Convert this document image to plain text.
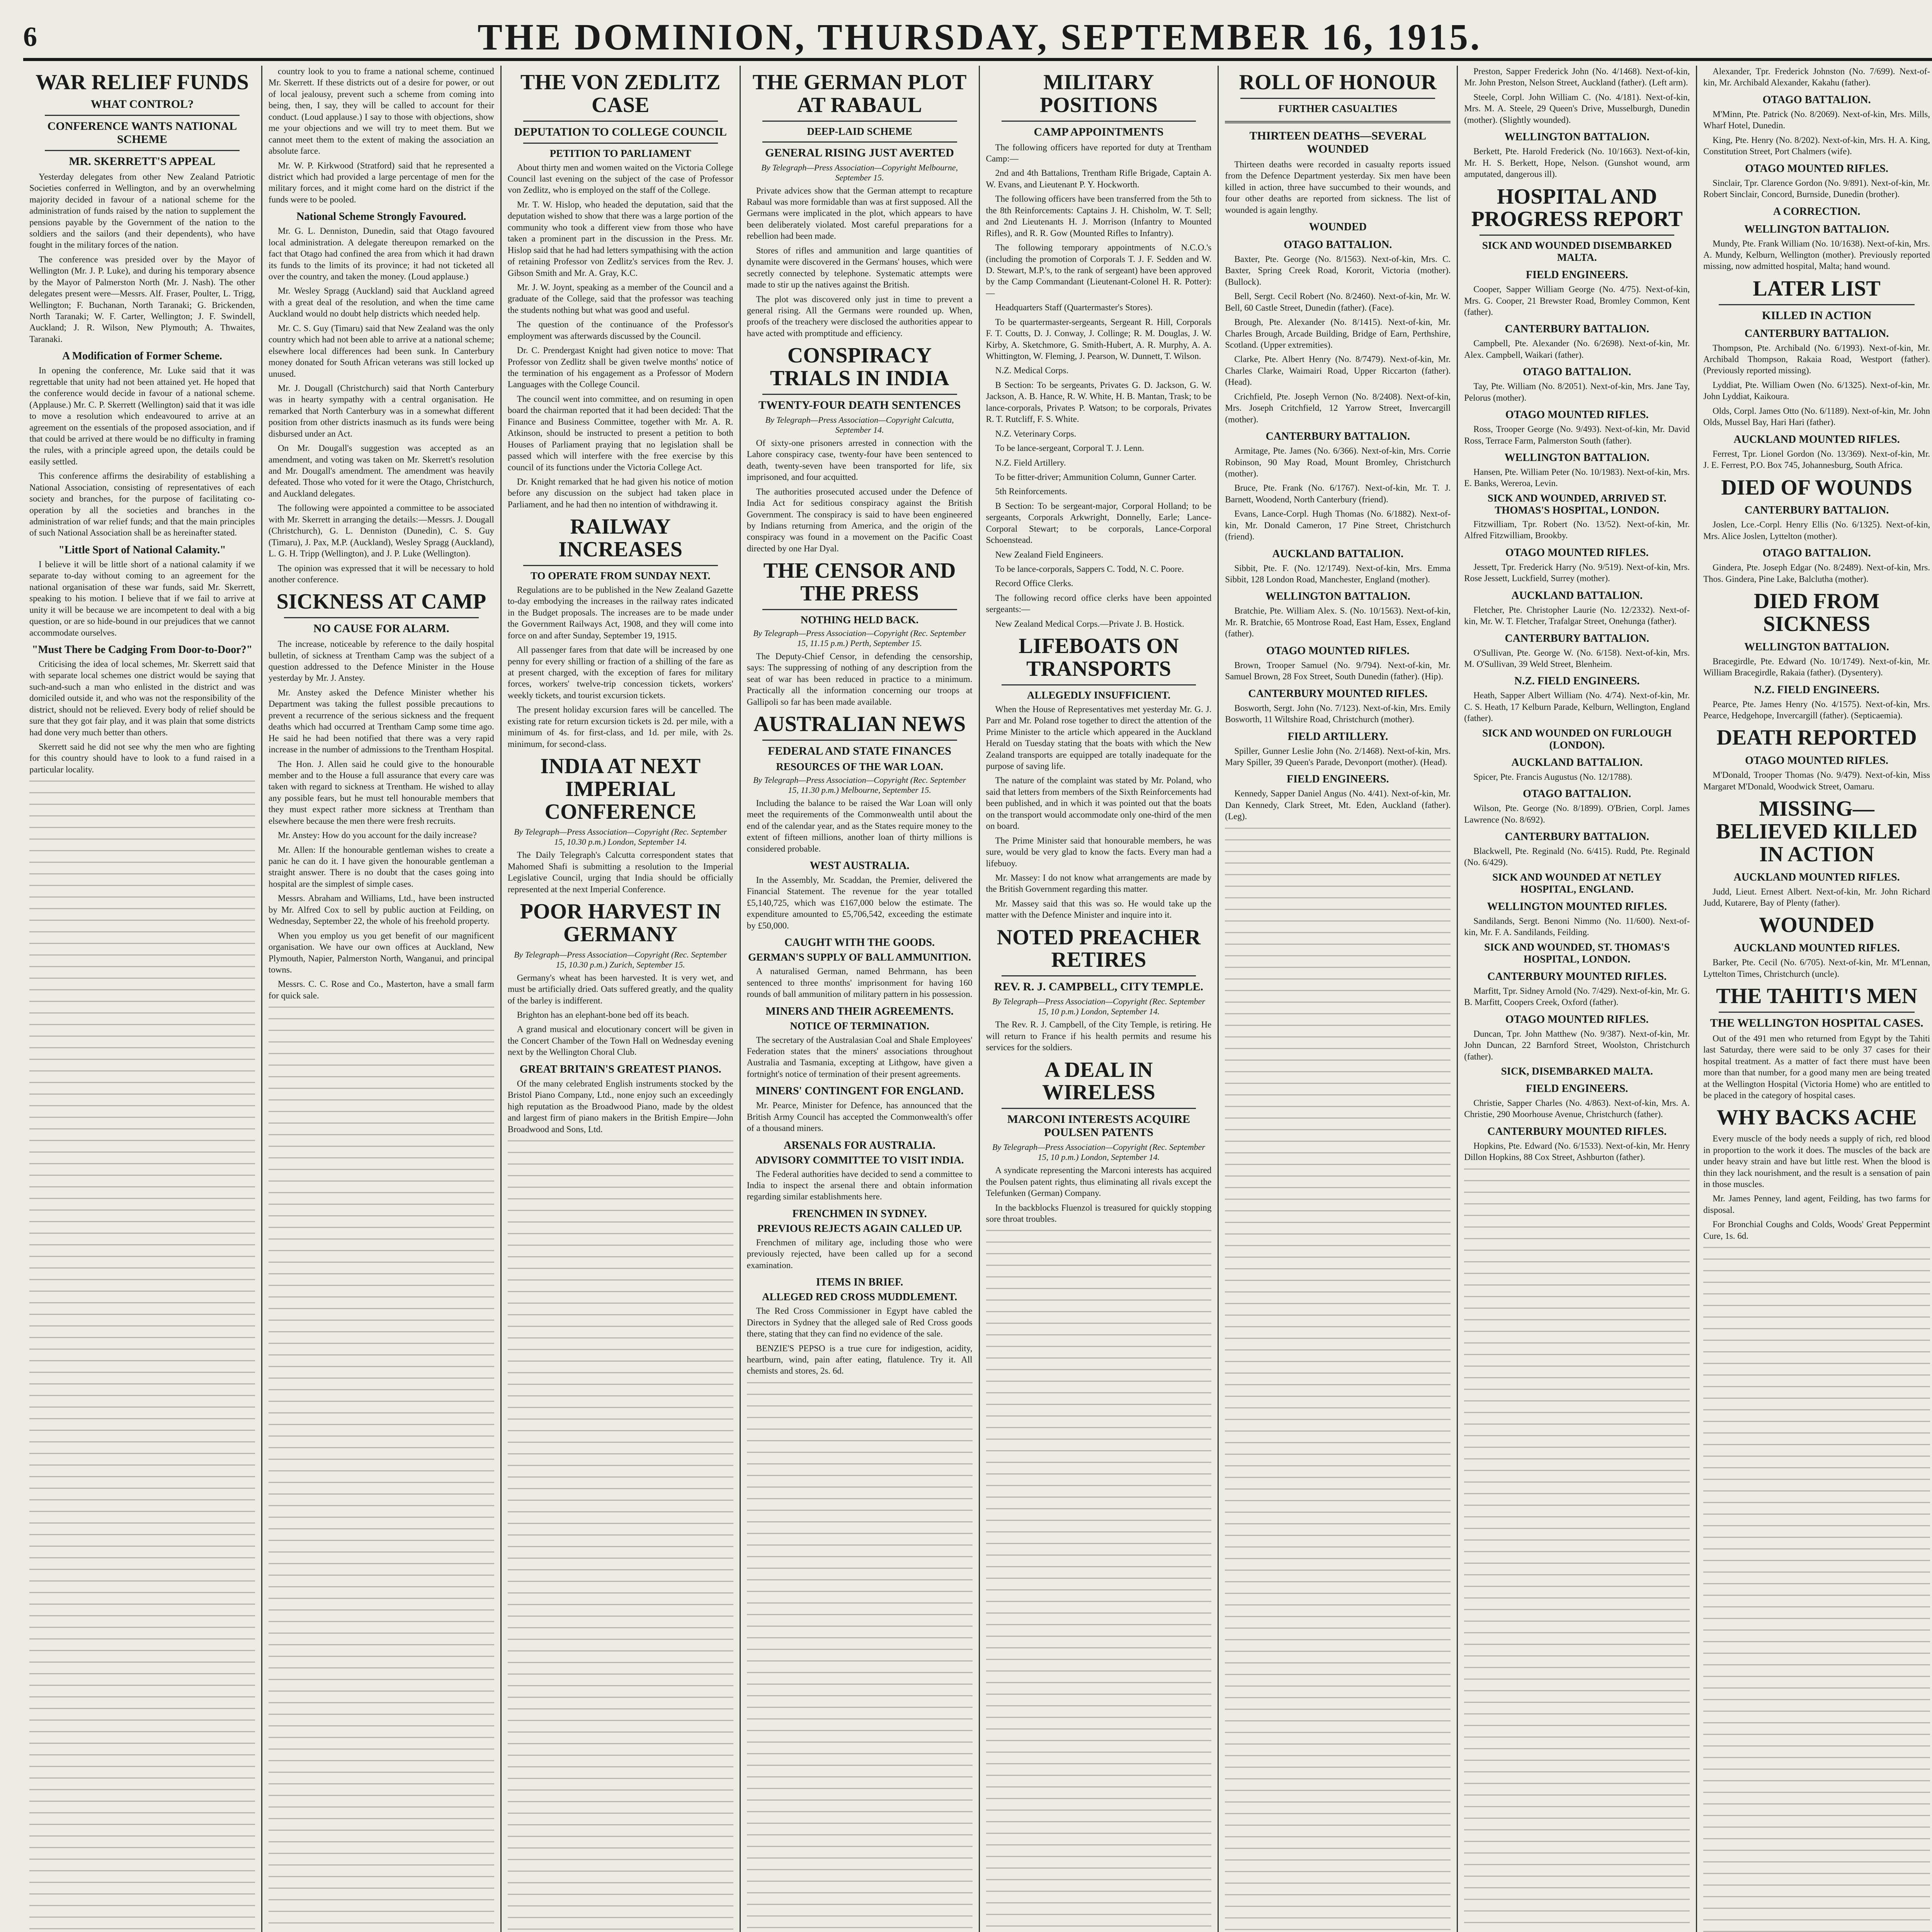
6	THE DOMINION, THURSDAY, SEPTEMBER 16, 1915.
WAR RELIEF FUNDS
WHAT CONTROL?
CONFERENCE WANTS NATIONAL SCHEME
MR. SKERRETT'S APPEAL

Yesterday delegates from other New Zealand Patriotic Societies conferred in Wellington, and by an overwhelming majority decided in favour of a national scheme for the administration of funds raised by the nation to supplement the pensions payable by the Government of the nation to the soldiers and the sailors (and their dependents), who have fought in the military forces of the nation.

The conference was presided over by the Mayor of Wellington (Mr. J. P. Luke), and during his temporary absence by the Mayor of Palmerston North (Mr. J. Nash). The other delegates present were—Messrs. Alf. Fraser, Poulter, L. Trigg, Wellington; F. Buchanan, North Taranaki; G. Brickenden, North Taranaki; W. F. Carter, Wellington; J. F. Swindell, Auckland; J. R. Wilson, New Plymouth; A. Thwaites, Taranaki.

A Modification of Former Scheme.

In opening the conference, Mr. Luke said that it was regrettable that unity had not been attained yet. He hoped that the conference would decide in favour of a national scheme. (Applause.) Mr. C. P. Skerrett (Wellington) said that it was idle to move a resolution which endeavoured to arrive at an agreement on the essentials of the proposed association, and if that could be arrived at there would be no difficulty in framing the rules, with a principle agreed upon, the details could be easily settled.

This conference affirms the desirability of establishing a National Association, consisting of representatives of each society and branches, for the purpose of facilitating co-operation by all the societies and branches in the administration of war relief funds; and that the main principles of such National Association shall be as hereinafter stated.

"Little Sport of National Calamity."

I believe it will be little short of a national calamity if we separate to-day without coming to an agreement for the national organisation of these war funds, said Mr. Skerrett, speaking to his motion. I believe that if we fail to arrive at unity it will be because we are incompetent to deal with a big question, or are so hide-bound in our prejudices that we cannot accommodate ourselves.

"Must There be Cadging From Door-to-Door?"

Criticising the idea of local schemes, Mr. Skerrett said that with separate local schemes one district would be saying that such-and-such a man who enlisted in the district and was domiciled outside it, and who was not the responsibility of the district, should not be relieved. Every body of relief should be sure that they got fair play, and it was plain that some districts had done very much better than others.

Skerrett said he did not see why the men who are fighting for this country should have to look to a fund raised in a particular locality.

country look to you to frame a national scheme, continued Mr. Skerrett. If these districts out of a desire for power, or out of local jealousy, prevent such a scheme from coming into being, then, I say, they will be called to account for their conduct. (Loud applause.) I say to those with objections, show me your objections and we will try to meet them. But we cannot meet them to the extent of making the association an absolute farce.

Mr. W. P. Kirkwood (Stratford) said that he represented a district which had provided a large percentage of men for the military forces, and it might come hard on the district if the funds were to be pooled.

National Scheme Strongly Favoured.

Mr. G. L. Denniston, Dunedin, said that Otago favoured local administration. A delegate thereupon remarked on the fact that Otago had confined the area from which it had drawn its funds to the limits of its province; it had not ticketed all over the country, and taken the money. (Loud applause.)

Mr. Wesley Spragg (Auckland) said that Auckland agreed with a great deal of the resolution, and when the time came Auckland would no doubt help districts which needed help.

Mr. C. S. Guy (Timaru) said that New Zealand was the only country which had not been able to arrive at a national scheme; elsewhere local differences had been sunk. In Canterbury money donated for South African veterans was still locked up unused.

Mr. J. Dougall (Christchurch) said that North Canterbury was in hearty sympathy with a central organisation. He remarked that North Canterbury was in a somewhat different position from other districts inasmuch as its funds were being disbursed under an Act.

On Mr. Dougall's suggestion was accepted as an amendment, and voting was taken on Mr. Skerrett's resolution and Mr. Dougall's amendment. The amendment was heavily defeated. Those who voted for it were the Otago, Christchurch, and Auckland delegates.

The following were appointed a committee to be associated with Mr. Skerrett in arranging the details:—Messrs. J. Dougall (Christchurch), G. L. Denniston (Dunedin), C. S. Guy (Timaru), J. Pax, M.P. (Auckland), Wesley Spragg (Auckland), L. G. H. Tripp (Wellington), and J. P. Luke (Wellington).

The opinion was expressed that it will be necessary to hold another conference.

SICKNESS AT CAMP
NO CAUSE FOR ALARM.

The increase, noticeable by reference to the daily hospital bulletin, of sickness at Trentham Camp was the subject of a question addressed to the Defence Minister in the House yesterday by Mr. J. Anstey.

Mr. Anstey asked the Defence Minister whether his Department was taking the fullest possible precautions to prevent a recurrence of the serious sickness and the frequent deaths which had occurred at Trentham Camp some time ago. He said he had been notified that there was a very rapid increase in the number of admissions to the Trentham Hospital.

The Hon. J. Allen said he could give to the honourable member and to the House a full assurance that every care was taken with regard to sickness at Trentham. He wished to allay any possible fears, but he must tell honourable members that they must expect rather more sickness at Trentham than elsewhere because the men there were fresh recruits.

Mr. Anstey: How do you account for the daily increase?

Mr. Allen: If the honourable gentleman wishes to create a panic he can do it. I have given the honourable gentleman a straight answer. There is no doubt that the cases going into hospital are the simplest of simple cases.

Messrs. Abraham and Williams, Ltd., have been instructed by Mr. Alfred Cox to sell by public auction at Feilding, on Wednesday, September 22, the whole of his freehold property.

When you employ us you get benefit of our magnificent organisation. We have our own offices at Auckland, New Plymouth, Napier, Palmerston North, Wanganui, and principal towns.

Messrs. C. C. Rose and Co., Masterton, have a small farm for quick sale.

THE VON ZEDLITZ CASE
DEPUTATION TO COLLEGE COUNCIL
PETITION TO PARLIAMENT

About thirty men and women waited on the Victoria College Council last evening on the subject of the case of Professor von Zedlitz, who is employed on the staff of the College.

Mr. T. W. Hislop, who headed the deputation, said that the deputation wished to show that there was a large portion of the community who took a different view from those who have taken a prominent part in the discussion in the Press. Mr. Hislop said that he had had letters sympathising with the action of retaining Professor von Zedlitz's services from the Rev. J. Gibson Smith and Mr. A. Gray, K.C.

Mr. J. W. Joynt, speaking as a member of the Council and a graduate of the College, said that the professor was teaching the students nothing but what was good and useful.

The question of the continuance of the Professor's employment was afterwards discussed by the Council.

Dr. C. Prendergast Knight had given notice to move: That Professor von Zedlitz shall be given twelve months' notice of the termination of his engagement as a Professor of Modern Languages with the College Council.

The council went into committee, and on resuming in open board the chairman reported that it had been decided: That the Finance and Business Committee, together with Mr. A. R. Atkinson, should be instructed to present a petition to both Houses of Parliament praying that no legislation shall be passed which will interfere with the free exercise by this council of its functions under the Victoria College Act.

Dr. Knight remarked that he had given his notice of motion before any discussion on the subject had taken place in Parliament, and he had then no intention of withdrawing it.

RAILWAY INCREASES
TO OPERATE FROM SUNDAY NEXT.

Regulations are to be published in the New Zealand Gazette to-day embodying the increases in the railway rates indicated in the Budget proposals. The increases are to be made under the Government Railways Act, 1908, and they will come into force on and after Sunday, September 19, 1915.

All passenger fares from that date will be increased by one penny for every shilling or fraction of a shilling of the fare as at present charged, with the exception of fares for military forces, workers' twelve-trip concession tickets, workers' weekly tickets, and tourist excursion tickets.

The present holiday excursion fares will be cancelled. The existing rate for return excursion tickets is 2d. per mile, with a minimum of 4s. for first-class, and 1d. per mile, with 2s. minimum, for second-class.

INDIA AT NEXT IMPERIAL CONFERENCE
By Telegraph—Press Association—Copyright (Rec. September 15, 10.30 p.m.) London, September 14.

The Daily Telegraph's Calcutta correspondent states that Mahomed Shafi is submitting a resolution to the Imperial Legislative Council, urging that India should be officially represented at the next Imperial Conference.

POOR HARVEST IN GERMANY
By Telegraph—Press Association—Copyright (Rec. September 15, 10.30 p.m.) Zurich, September 15.

Germany's wheat has been harvested. It is very wet, and must be artificially dried. Oats suffered greatly, and the quality of the barley is indifferent.

Brighton has an elephant-bone bed off its beach.

A grand musical and elocutionary concert will be given in the Concert Chamber of the Town Hall on Wednesday evening next by the Wellington Choral Club.

GREAT BRITAIN'S GREATEST PIANOS.

Of the many celebrated English instruments stocked by the Bristol Piano Company, Ltd., none enjoy such an exceedingly high reputation as the Broadwood Piano, made by the oldest and largest firm of piano makers in the British Empire—John Broadwood and Sons, Ltd.

THE GERMAN PLOT AT RABAUL
DEEP-LAID SCHEME
GENERAL RISING JUST AVERTED
By Telegraph—Press Association—Copyright Melbourne, September 15.

Private advices show that the German attempt to recapture Rabaul was more formidable than was at first supposed. All the Germans were implicated in the plot, which appears to have been deliberately violated. Most careful preparations for a rebellion had been made.

Stores of rifles and ammunition and large quantities of dynamite were discovered in the Germans' houses, which were secretly connected by telephone. Systematic attempts were made to stir up the natives against the British.

The plot was discovered only just in time to prevent a general rising. All the Germans were rounded up. When, proofs of the treachery were disclosed the authorities appear to have acted with promptitude and efficiency.

CONSPIRACY TRIALS IN INDIA
TWENTY-FOUR DEATH SENTENCES
By Telegraph—Press Association—Copyright Calcutta, September 14.

Of sixty-one prisoners arrested in connection with the Lahore conspiracy case, twenty-four have been sentenced to death, twenty-seven have been transported for life, six imprisoned, and four acquitted.

The authorities prosecuted accused under the Defence of India Act for seditious conspiracy against the British Government. The conspiracy is said to have been engineered by Indians returning from America, and the origin of the conspiracy was found in a movement on the Pacific Coast directed by one Har Dyal.

THE CENSOR AND THE PRESS
NOTHING HELD BACK.
By Telegraph—Press Association—Copyright (Rec. September 15, 11.15 p.m.) Perth, September 15.

The Deputy-Chief Censor, in defending the censorship, says: The suppressing of nothing of any description from the seat of war has been reduced in practice to a minimum. Practically all the information concerning our troops at Gallipoli so far has been made available.

AUSTRALIAN NEWS
FEDERAL AND STATE FINANCES
RESOURCES OF THE WAR LOAN.
By Telegraph—Press Association—Copyright (Rec. September 15, 11.30 p.m.) Melbourne, September 15.

Including the balance to be raised the War Loan will only meet the requirements of the Commonwealth until about the end of the calendar year, and as the States require money to the extent of fifteen millions, another loan of thirty millions is considered probable.

WEST AUSTRALIA.

In the Assembly, Mr. Scaddan, the Premier, delivered the Financial Statement. The revenue for the year totalled £5,140,725, which was £167,000 below the estimate. The expenditure amounted to £5,706,542, exceeding the estimate by £50,000.

CAUGHT WITH THE GOODS.
GERMAN'S SUPPLY OF BALL AMMUNITION.

A naturalised German, named Behrmann, has been sentenced to three months' imprisonment for having 160 rounds of ball ammunition of military pattern in his possession.

MINERS AND THEIR AGREEMENTS.
NOTICE OF TERMINATION.

The secretary of the Australasian Coal and Shale Employees' Federation states that the miners' associations throughout Australia and Tasmania, excepting at Lithgow, have given a fortnight's notice of termination of their present agreements.

MINERS' CONTINGENT FOR ENGLAND.

Mr. Pearce, Minister for Defence, has announced that the British Army Council has accepted the Commonwealth's offer of a thousand miners.

ARSENALS FOR AUSTRALIA.
ADVISORY COMMITTEE TO VISIT INDIA.

The Federal authorities have decided to send a committee to India to inspect the arsenal there and obtain information regarding similar establishments here.

FRENCHMEN IN SYDNEY.
PREVIOUS REJECTS AGAIN CALLED UP.

Frenchmen of military age, including those who were previously rejected, have been called up for a second examination.

ITEMS IN BRIEF.
ALLEGED RED CROSS MUDDLEMENT.

The Red Cross Commissioner in Egypt have cabled the Directors in Sydney that the alleged sale of Red Cross goods there, stating that they can find no evidence of the sale.

BENZIE'S PEPSO is a true cure for indigestion, acidity, heartburn, wind, pain after eating, flatulence. Try it. All chemists and stores, 2s. 6d.

MILITARY POSITIONS
CAMP APPOINTMENTS

The following officers have reported for duty at Trentham Camp:—

2nd and 4th Battalions, Trentham Rifle Brigade, Captain A. W. Evans, and Lieutenant P. Y. Hockworth.

The following officers have been transferred from the 5th to the 8th Reinforcements: Captains J. H. Chisholm, W. T. Sell; and 2nd Lieutenants H. J. Morrison (Infantry to Mounted Rifles), and R. R. Gow (Mounted Rifles to Infantry).

The following temporary appointments of N.C.O.'s (including the promotion of Corporals T. J. F. Sedden and W. D. Stewart, M.P.'s, to the rank of sergeant) have been approved by the Camp Commandant (Lieutenant-Colonel H. R. Potter):—

Headquarters Staff (Quartermaster's Stores).

To be quartermaster-sergeants, Sergeant R. Hill, Corporals F. T. Coutts, D. J. Conway, J. Collinge; R. M. Douglas, J. W. Kirby, A. Sketchmore, G. Smith-Hubert, A. R. Murphy, A. A. Whittington, W. Fleming, J. Pearson, W. Dunnett, T. Wilson.

N.Z. Medical Corps.

B Section: To be sergeants, Privates G. D. Jackson, G. W. Jackson, A. B. Hance, R. W. White, H. B. Mantan, Trask; to be lance-corporals, Privates P. Watson; to be corporals, Privates R. T. Rutcliff, F. S. White.

N.Z. Veterinary Corps.

To be lance-sergeant, Corporal T. J. Lenn.

N.Z. Field Artillery.

To be fitter-driver; Ammunition Column, Gunner Carter.

5th Reinforcements.

B Section: To be sergeant-major, Corporal Holland; to be sergeants, Corporals Arkwright, Donnelly, Earle; Lance-Corporal Stewart; to be corporals, Lance-Corporal Schoenstead.

New Zealand Field Engineers.

To be lance-corporals, Sappers C. Todd, N. C. Poore.

Record Office Clerks.

The following record office clerks have been appointed sergeants:—

New Zealand Medical Corps.—Private J. B. Hostick.

LIFEBOATS ON TRANSPORTS
ALLEGEDLY INSUFFICIENT.

When the House of Representatives met yesterday Mr. G. J. Parr and Mr. Poland rose together to direct the attention of the Prime Minister to the article which appeared in the Auckland Herald on Tuesday stating that the boats with which the New Zealand transports are equipped are totally inadequate for the purpose of saving life.

The nature of the complaint was stated by Mr. Poland, who said that letters from members of the Sixth Reinforcements had been published, and in which it was pointed out that the boats on the transport would accommodate only one-third of the men on board.

The Prime Minister said that honourable members, he was sure, would be very glad to know the facts. Every man had a lifebuoy.

Mr. Massey: I do not know what arrangements are made by the British Government regarding this matter.

Mr. Massey said that this was so. He would take up the matter with the Defence Minister and inquire into it.

NOTED PREACHER RETIRES
REV. R. J. CAMPBELL, CITY TEMPLE.
By Telegraph—Press Association—Copyright (Rec. September 15, 10 p.m.) London, September 14.

The Rev. R. J. Campbell, of the City Temple, is retiring. He will return to France if his health permits and resume his services for the soldiers.

A DEAL IN WIRELESS
MARCONI INTERESTS ACQUIRE POULSEN PATENTS
By Telegraph—Press Association—Copyright (Rec. September 15, 10 p.m.) London, September 14.

A syndicate representing the Marconi interests has acquired the Poulsen patent rights, thus eliminating all rivals except the Telefunken (German) Company.

In the backblocks Fluenzol is treasured for quickly stopping sore throat troubles.

ROLL OF HONOUR
FURTHER CASUALTIES
THIRTEEN DEATHS—SEVERAL WOUNDED

Thirteen deaths were recorded in casualty reports issued from the Defence Department yesterday. Six men have been killed in action, three have succumbed to their wounds, and four other deaths are reported from sickness. The list of wounded is again lengthy.

WOUNDED
OTAGO BATTALION.

Baxter, Pte. George (No. 8/1563). Next-of-kin, Mrs. C. Baxter, Spring Creek Road, Kororit, Victoria (mother). (Bullock).

Bell, Sergt. Cecil Robert (No. 8/2460). Next-of-kin, Mr. W. Bell, 60 Castle Street, Dunedin (father). (Face).

Brough, Pte. Alexander (No. 8/1415). Next-of-kin, Mr. Charles Brough, Arcade Building, Bridge of Earn, Perthshire, Scotland. (Upper extremities).

Clarke, Pte. Albert Henry (No. 8/7479). Next-of-kin, Mr. Charles Clarke, Waimairi Road, Upper Riccarton (father). (Head).

Crichfield, Pte. Joseph Vernon (No. 8/2408). Next-of-kin, Mrs. Joseph Critchfield, 12 Yarrow Street, Invercargill (mother).

CANTERBURY BATTALION.

Armitage, Pte. James (No. 6/366). Next-of-kin, Mrs. Corrie Robinson, 90 May Road, Mount Bromley, Christchurch (mother).

Bruce, Pte. Frank (No. 6/1767). Next-of-kin, Mr. T. J. Barnett, Woodend, North Canterbury (friend).

Evans, Lance-Corpl. Hugh Thomas (No. 6/1882). Next-of-kin, Mr. Donald Cameron, 17 Pine Street, Christchurch (friend).

AUCKLAND BATTALION.

Sibbit, Pte. F. (No. 12/1749). Next-of-kin, Mrs. Emma Sibbit, 128 London Road, Manchester, England (mother).

WELLINGTON BATTALION.

Bratchie, Pte. William Alex. S. (No. 10/1563). Next-of-kin, Mr. R. Bratchie, 65 Montrose Road, East Ham, Essex, England (father).

OTAGO MOUNTED RIFLES.

Brown, Trooper Samuel (No. 9/794). Next-of-kin, Mr. Samuel Brown, 28 Fox Street, South Dunedin (father). (Hip).

CANTERBURY MOUNTED RIFLES.

Bosworth, Sergt. John (No. 7/123). Next-of-kin, Mrs. Emily Bosworth, 11 Wiltshire Road, Christchurch (mother).

FIELD ARTILLERY.

Spiller, Gunner Leslie John (No. 2/1468). Next-of-kin, Mrs. Mary Spiller, 39 Queen's Parade, Devonport (mother). (Head).

FIELD ENGINEERS.

Kennedy, Sapper Daniel Angus (No. 4/41). Next-of-kin, Mr. Dan Kennedy, Clark Street, Mt. Eden, Auckland (father). (Leg).

Preston, Sapper Frederick John (No. 4/1468). Next-of-kin, Mr. John Preston, Nelson Street, Auckland (father). (Left arm).

Steele, Corpl. John William C. (No. 4/181). Next-of-kin, Mrs. M. A. Steele, 29 Queen's Drive, Musselburgh, Dunedin (mother). (Slightly wounded).

WELLINGTON BATTALION.

Berkett, Pte. Harold Frederick (No. 10/1663). Next-of-kin, Mr. H. S. Berkett, Hope, Nelson. (Gunshot wound, arm amputated, dangerous ill).

HOSPITAL AND PROGRESS REPORT
SICK AND WOUNDED DISEMBARKED MALTA.
FIELD ENGINEERS.

Cooper, Sapper William George (No. 4/75). Next-of-kin, Mrs. G. Cooper, 21 Brewster Road, Bromley Common, Kent (father).

CANTERBURY BATTALION.

Campbell, Pte. Alexander (No. 6/2698). Next-of-kin, Mr. Alex. Campbell, Waikari (father).

OTAGO BATTALION.

Tay, Pte. William (No. 8/2051). Next-of-kin, Mrs. Jane Tay, Pelorus (mother).

OTAGO MOUNTED RIFLES.

Ross, Trooper George (No. 9/493). Next-of-kin, Mr. David Ross, Terrace Farm, Palmerston South (father).

WELLINGTON BATTALION.

Hansen, Pte. William Peter (No. 10/1983). Next-of-kin, Mrs. E. Banks, Wereroa, Levin.

SICK AND WOUNDED, ARRIVED ST. THOMAS'S HOSPITAL, LONDON.

Fitzwilliam, Tpr. Robert (No. 13/52). Next-of-kin, Mr. Alfred Fitzwilliam, Brookby.

OTAGO MOUNTED RIFLES.

Jessett, Tpr. Frederick Harry (No. 9/519). Next-of-kin, Mrs. Rose Jessett, Luckfield, Surrey (mother).

AUCKLAND BATTALION.

Fletcher, Pte. Christopher Laurie (No. 12/2332). Next-of-kin, Mr. W. T. Fletcher, Trafalgar Street, Onehunga (father).

CANTERBURY BATTALION.

O'Sullivan, Pte. George W. (No. 6/158). Next-of-kin, Mrs. M. O'Sullivan, 39 Weld Street, Blenheim.

N.Z. FIELD ENGINEERS.

Heath, Sapper Albert William (No. 4/74). Next-of-kin, Mr. C. S. Heath, 17 Kelburn Parade, Kelburn, Wellington, England (father).

SICK AND WOUNDED ON FURLOUGH (LONDON).
AUCKLAND BATTALION.

Spicer, Pte. Francis Augustus (No. 12/1788).

OTAGO BATTALION.

Wilson, Pte. George (No. 8/1899). O'Brien, Corpl. James Lawrence (No. 8/692).

CANTERBURY BATTALION.

Blackwell, Pte. Reginald (No. 6/415). Rudd, Pte. Reginald (No. 6/429).

SICK AND WOUNDED AT NETLEY HOSPITAL, ENGLAND.
WELLINGTON MOUNTED RIFLES.

Sandilands, Sergt. Benoni Nimmo (No. 11/600). Next-of-kin, Mr. F. A. Sandilands, Feilding.

SICK AND WOUNDED, ST. THOMAS'S HOSPITAL, LONDON.
CANTERBURY MOUNTED RIFLES.

Marfitt, Tpr. Sidney Arnold (No. 7/429). Next-of-kin, Mr. G. B. Marfitt, Coopers Creek, Oxford (father).

OTAGO MOUNTED RIFLES.

Duncan, Tpr. John Matthew (No. 9/387). Next-of-kin, Mr. John Duncan, 22 Barnford Street, Woolston, Christchurch (father).

SICK, DISEMBARKED MALTA.
FIELD ENGINEERS.

Christie, Sapper Charles (No. 4/863). Next-of-kin, Mrs. A. Christie, 290 Moorhouse Avenue, Christchurch (father).

CANTERBURY MOUNTED RIFLES.

Hopkins, Pte. Edward (No. 6/1533). Next-of-kin, Mr. Henry Dillon Hopkins, 88 Cox Street, Ashburton (father).

Alexander, Tpr. Frederick Johnston (No. 7/699). Next-of-kin, Mr. Archibald Alexander, Kakahu (father).

OTAGO BATTALION.

M'Minn, Pte. Patrick (No. 8/2069). Next-of-kin, Mrs. Mills, Wharf Hotel, Dunedin.

King, Pte. Henry (No. 8/202). Next-of-kin, Mrs. H. A. King, Constitution Street, Port Chalmers (wife).

OTAGO MOUNTED RIFLES.

Sinclair, Tpr. Clarence Gordon (No. 9/891). Next-of-kin, Mr. Robert Sinclair, Concord, Burnside, Dunedin (brother).

A CORRECTION.
WELLINGTON BATTALION.

Mundy, Pte. Frank William (No. 10/1638). Next-of-kin, Mrs. A. Mundy, Kelburn, Wellington (mother). Previously reported missing, now admitted hospital, Malta; hand wound.

LATER LIST
KILLED IN ACTION
CANTERBURY BATTALION.

Thompson, Pte. Archibald (No. 6/1993). Next-of-kin, Mr. Archibald Thompson, Rakaia Road, Westport (father). (Previously reported missing).

Lyddiat, Pte. William Owen (No. 6/1325). Next-of-kin, Mr. John Lyddiat, Kaikoura.

Olds, Corpl. James Otto (No. 6/1189). Next-of-kin, Mr. John Olds, Mussel Bay, Hari Hari (father).

AUCKLAND MOUNTED RIFLES.

Ferrest, Tpr. Lionel Gordon (No. 13/369). Next-of-kin, Mr. J. E. Ferrest, P.O. Box 745, Johannesburg, South Africa.

DIED OF WOUNDS
CANTERBURY BATTALION.

Joslen, Lce.-Corpl. Henry Ellis (No. 6/1325). Next-of-kin, Mrs. Alice Joslen, Lyttelton (mother).

OTAGO BATTALION.

Gindera, Pte. Joseph Edgar (No. 8/2489). Next-of-kin, Mrs. Thos. Gindera, Pine Lake, Balclutha (mother).

DIED FROM SICKNESS
WELLINGTON BATTALION.

Bracegirdle, Pte. Edward (No. 10/1749). Next-of-kin, Mr. William Bracegirdle, Rakaia (father). (Dysentery).

N.Z. FIELD ENGINEERS.

Pearce, Pte. James Henry (No. 4/1575). Next-of-kin, Mrs. Pearce, Hedgehope, Invercargill (father). (Septicaemia).

DEATH REPORTED
OTAGO MOUNTED RIFLES.

M'Donald, Trooper Thomas (No. 9/479). Next-of-kin, Miss Margaret M'Donald, Woodwick Street, Oamaru.

MISSING—BELIEVED KILLED IN ACTION
AUCKLAND MOUNTED RIFLES.

Judd, Lieut. Ernest Albert. Next-of-kin, Mr. John Richard Judd, Kutarere, Bay of Plenty (father).

WOUNDED
AUCKLAND MOUNTED RIFLES.

Barker, Pte. Cecil (No. 6/705). Next-of-kin, Mr. M'Lennan, Lyttelton Times, Christchurch (uncle).

THE TAHITI'S MEN
THE WELLINGTON HOSPITAL CASES.

Out of the 491 men who returned from Egypt by the Tahiti last Saturday, there were said to be only 37 cases for their hospital treatment. As a matter of fact there must have been more than that number, for a good many men are being treated at the Wellington Hospital (Victoria Home) who are entitled to be placed in the category of hospital cases.

WHY BACKS ACHE

Every muscle of the body needs a supply of rich, red blood in proportion to the work it does. The muscles of the back are under heavy strain and have but little rest. When the blood is thin they lack nourishment, and the result is a sensation of pain in those muscles.

Mr. James Penney, land agent, Feilding, has two farms for disposal.

For Bronchial Coughs and Colds, Woods' Great Peppermint Cure, 1s. 6d.
